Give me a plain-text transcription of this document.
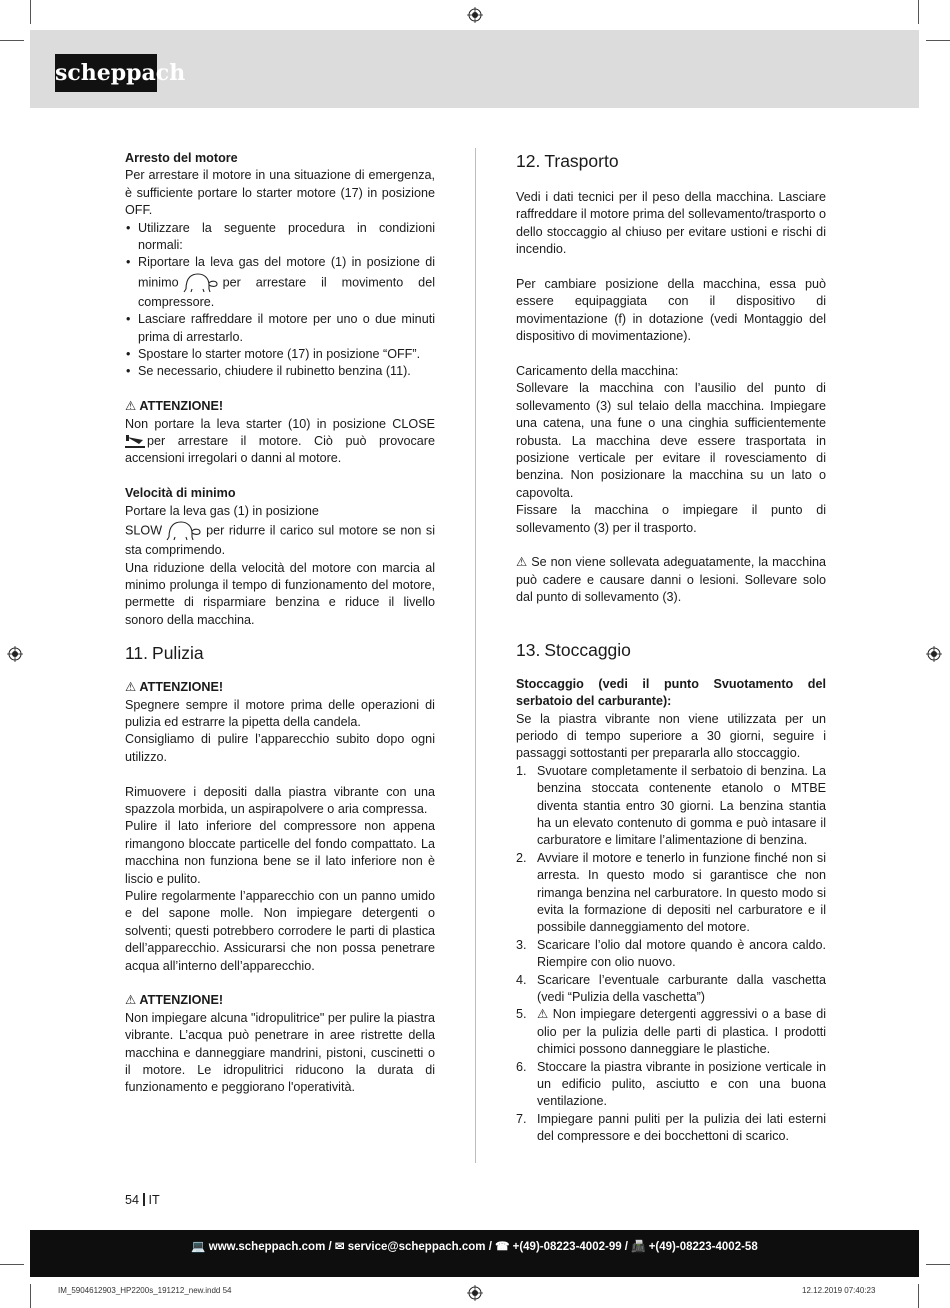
scheppach

Arresto del motore

Per arrestare il motore in una situazione di emergenza, è sufficiente portare lo starter motore (17) in posizione OFF.

• Utilizzare la seguente procedura in condizioni normali:
• Riportare la leva gas del motore (1) in posizione di minimo	per arrestare il movimento del compressore.
• Lasciare raffreddare il motore per uno o due minuti prima di arrestarlo.
• Spostare lo starter motore (17) in posizione “OFF”.
• Se necessario, chiudere il rubinetto benzina (11).

⚠ ATTENZIONE!

Non portare la leva starter (10) in posizione CLOSE per arrestare il motore. Ciò può provocare accensioni irregolari o danni al motore.

Velocità di minimo

Portare la leva gas (1) in posizione

SLOW	per ridurre il carico sul motore se non si sta comprimendo.

Una riduzione della velocità del motore con marcia al minimo prolunga il tempo di funzionamento del motore, permette di risparmiare benzina e riduce il livello sonoro della macchina.

11. Pulizia

⚠ ATTENZIONE!

Spegnere sempre il motore prima delle operazioni di pulizia ed estrarre la pipetta della candela.

Consigliamo di pulire l’apparecchio subito dopo ogni utilizzo.

Rimuovere i depositi dalla piastra vibrante con una spazzola morbida, un aspirapolvere o aria compressa.

Pulire il lato inferiore del compressore non appena rimangono bloccate particelle del fondo compattato. La macchina non funziona bene se il lato inferiore non è liscio e pulito.

Pulire regolarmente l’apparecchio con un panno umido e del sapone molle. Non impiegare detergenti o solventi; questi potrebbero corrodere le parti di plastica dell’apparecchio. Assicurarsi che non possa penetrare acqua all’interno dell’apparecchio.

⚠ ATTENZIONE!

Non impiegare alcuna "idropulitrice" per pulire la piastra vibrante. L’acqua può penetrare in aree ristrette della macchina e danneggiare mandrini, pistoni, cuscinetti o il motore. Le idropulitrici riducono la durata di funzionamento e peggiorano l'operatività.

12. Trasporto

Vedi i dati tecnici per il peso della macchina. Lasciare raffreddare il motore prima del sollevamento/trasporto o dello stoccaggio al chiuso per evitare ustioni e rischi di incendio.

Per cambiare posizione della macchina, essa può essere equipaggiata con il dispositivo di movimentazione (f) in dotazione (vedi Montaggio del dispositivo di movimentazione).

Caricamento della macchina:

Sollevare la macchina con l’ausilio del punto di sollevamento (3) sul telaio della macchina. Impiegare una catena, una fune o una cinghia sufficientemente robusta. La macchina deve essere trasportata in posizione verticale per evitare il rovesciamento di benzina. Non posizionare la macchina su un lato o capovolta.

Fissare la macchina o impiegare il punto di sollevamento (3) per il trasporto.

⚠ Se non viene sollevata adeguatamente, la macchina può cadere e causare danni o lesioni. Sollevare solo dal punto di sollevamento (3).

13. Stoccaggio

Stoccaggio (vedi il punto Svuotamento del serbatoio del carburante):

Se la piastra vibrante non viene utilizzata per un periodo di tempo superiore a 30 giorni, seguire i passaggi sottostanti per prepararla allo stoccaggio.

1. Svuotare completamente il serbatoio di benzina. La benzina stoccata contenente etanolo o MTBE diventa stantia entro 30 giorni. La benzina stantia ha un elevato contenuto di gomma e può intasare il carburatore e limitare l’alimentazione di benzina.
2. Avviare il motore e tenerlo in funzione finché non si arresta. In questo modo si garantisce che non rimanga benzina nel carburatore. In questo modo si evita la formazione di depositi nel carburatore e il possibile danneggiamento del motore.
3. Scaricare l’olio dal motore quando è ancora caldo. Riempire con olio nuovo.
4. Scaricare l’eventuale carburante dalla vaschetta (vedi “Pulizia della vaschetta”)
5. ⚠ Non impiegare detergenti aggressivi o a base di olio per la pulizia delle parti di plastica. I prodotti chimici possono danneggiare le plastiche.
6. Stoccare la piastra vibrante in posizione verticale in un edificio pulito, asciutto e con una buona ventilazione.
7. Impiegare panni puliti per la pulizia dei lati esterni del compressore e dei bocchettoni di scarico.
54 IT
💻 www.scheppach.com / ✉ service@scheppach.com / ☎ +(49)-08223-4002-99 / 📠 +(49)-08223-4002-58
IM_5904612903_HP2200s_191212_new.indd 54	12.12.2019 07:40:23
